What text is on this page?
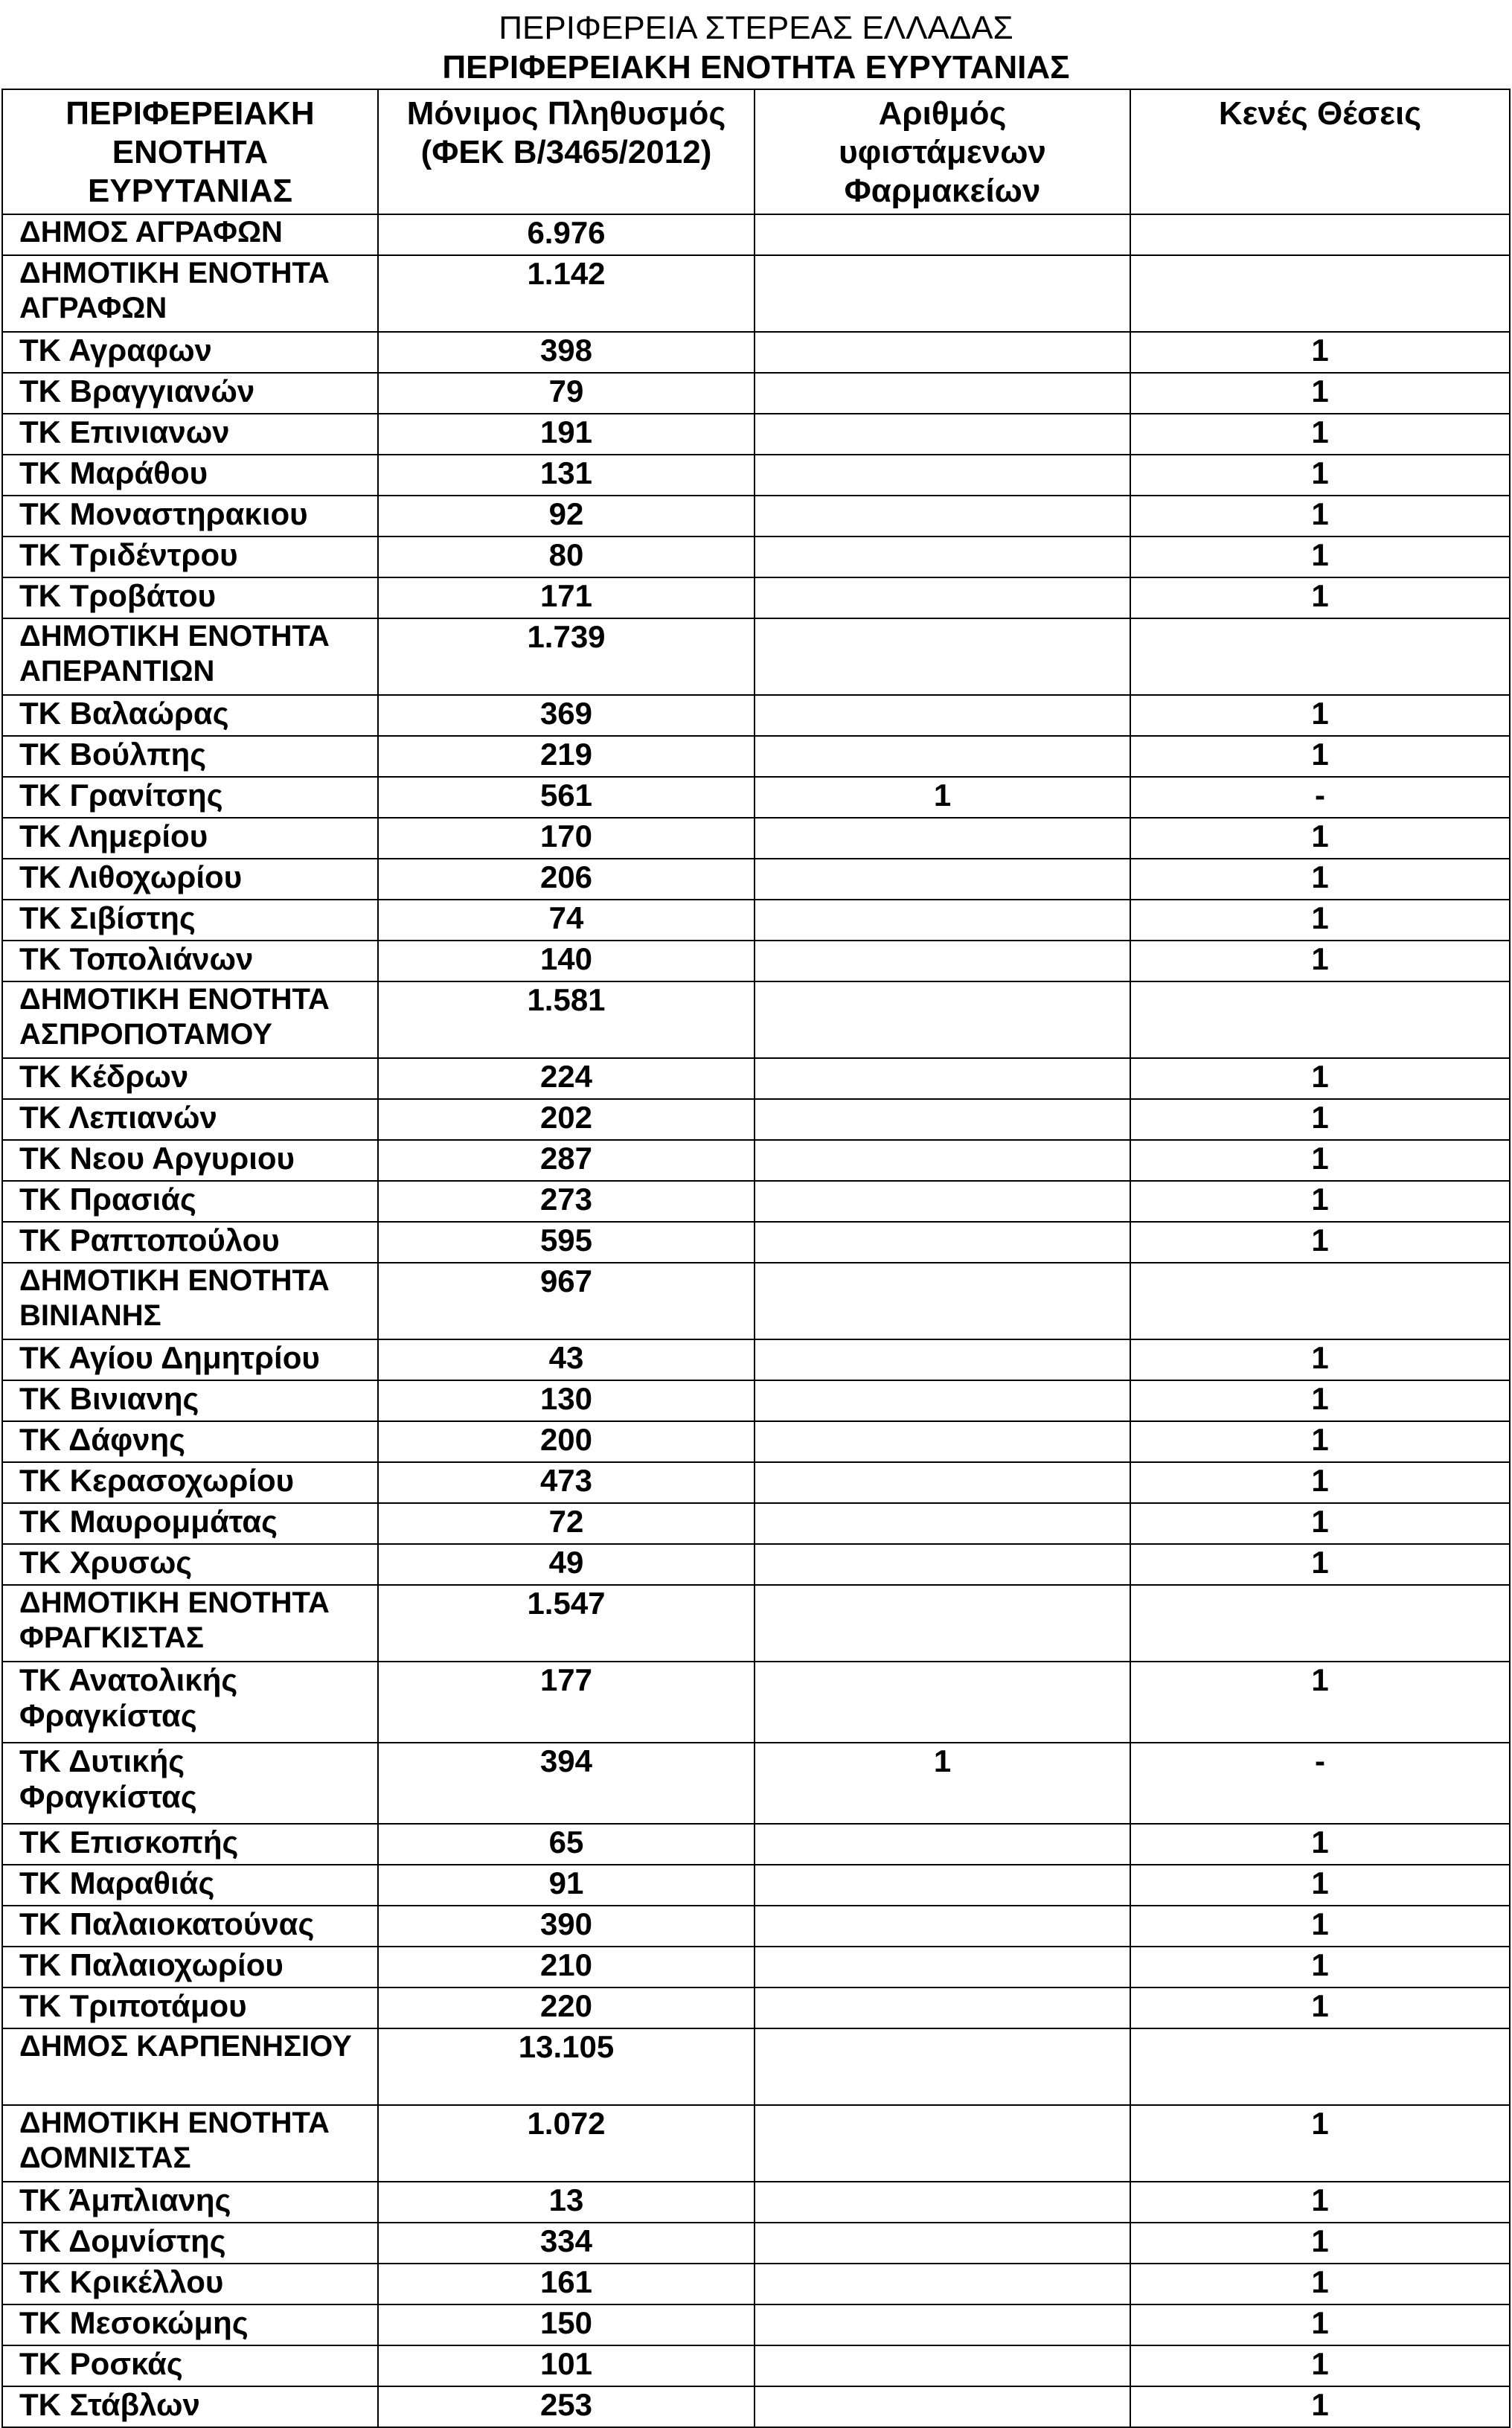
ΠΕΡΙΦΕΡΕΙΑ ΣΤΕΡΕΑΣ ΕΛΛΑΔΑΣ
ΠΕΡΙΦΕΡΕΙΑΚΗ ΕΝΟΤΗΤΑ ΕΥΡΥΤΑΝΙΑΣ
ΠΕΡΙΦΕΡΕΙΑΚΗ ΕΝΟΤΗΤΑ ΕΥΡΥΤΑΝΙΑΣ	Μόνιμος Πληθυσμός (ΦΕΚ Β/3465/2012)	Αριθμός υφιστάμενων Φαρμακείων	Κενές Θέσεις
ΔΗΜΟΣ ΑΓΡΑΦΩΝ	6.976		
ΔΗΜΟΤΙΚΗ ΕΝΟΤΗΤΑ ΑΓΡΑΦΩΝ	1.142		
ΤΚ Αγραφων	398		1
ΤΚ Βραγγιανών	79		1
ΤΚ Επινιανων	191		1
ΤΚ Μαράθου	131		1
ΤΚ Μοναστηρακιου	92		1
ΤΚ Τριδέντρου	80		1
ΤΚ Τροβάτου	171		1
ΔΗΜΟΤΙΚΗ ΕΝΟΤΗΤΑ ΑΠΕΡΑΝΤΙΩΝ	1.739		
ΤΚ Βαλαώρας	369		1
ΤΚ Βούλπης	219		1
ΤΚ Γρανίτσης	561	1	-
ΤΚ Λημερίου	170		1
ΤΚ Λιθοχωρίου	206		1
ΤΚ Σιβίστης	74		1
ΤΚ Τοπολιάνων	140		1
ΔΗΜΟΤΙΚΗ ΕΝΟΤΗΤΑ ΑΣΠΡΟΠΟΤΑΜΟΥ	1.581		
ΤΚ Κέδρων	224		1
ΤΚ Λεπιανών	202		1
ΤΚ Νεου Αργυριου	287		1
ΤΚ Πρασιάς	273		1
ΤΚ Ραπτοπούλου	595		1
ΔΗΜΟΤΙΚΗ ΕΝΟΤΗΤΑ ΒΙΝΙΑΝΗΣ	967		
ΤΚ Αγίου Δημητρίου	43		1
ΤΚ Βινιανης	130		1
ΤΚ Δάφνης	200		1
ΤΚ Κερασοχωρίου	473		1
ΤΚ Μαυρομμάτας	72		1
ΤΚ Χρυσως	49		1
ΔΗΜΟΤΙΚΗ ΕΝΟΤΗΤΑ ΦΡΑΓΚΙΣΤΑΣ	1.547		
ΤΚ Ανατολικής Φραγκίστας	177		1
ΤΚ Δυτικής Φραγκίστας	394	1	-
ΤΚ Επισκοπής	65		1
ΤΚ Μαραθιάς	91		1
ΤΚ Παλαιοκατούνας	390		1
ΤΚ Παλαιοχωρίου	210		1
ΤΚ Τριποτάμου	220		1
ΔΗΜΟΣ ΚΑΡΠΕΝΗΣΙΟΥ	13.105		
ΔΗΜΟΤΙΚΗ ΕΝΟΤΗΤΑ ΔΟΜΝΙΣΤΑΣ	1.072		1
ΤΚ Άμπλιανης	13		1
ΤΚ Δομνίστης	334		1
ΤΚ Κρικέλλου	161		1
ΤΚ Μεσοκώμης	150		1
ΤΚ Ροσκάς	101		1
ΤΚ Στάβλων	253		1
